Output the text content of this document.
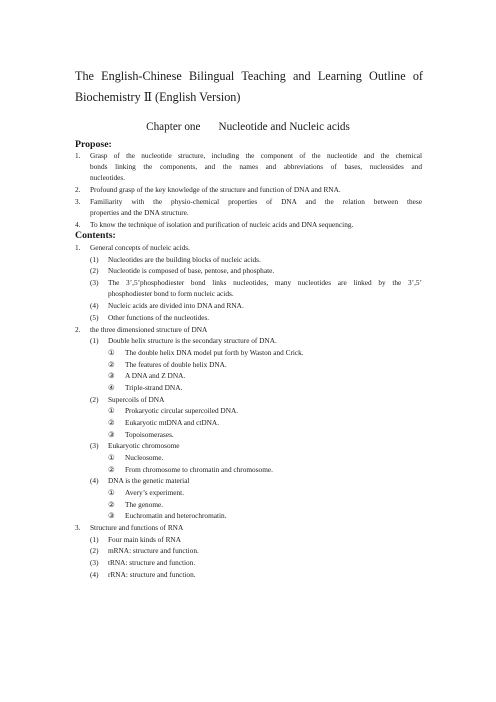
The English-Chinese Bilingual Teaching and Learning Outline of
Biochemistry Ⅱ (English Version)
Chapter one Nucleotide and Nucleic acids
Propose:
1. Grasp of the nucleotide structure, including the component of the nucleotide and the chemical
bonds linking the components, and the names and abbreviations of bases, nucleosides and
nucleotides.
2. Profound grasp of the key knowledge of the structure and function of DNA and RNA.
3. Familiarity with the physio-chemical properties of DNA and the relation between these
properties and the DNA structure.
4. To know the technique of isolation and purification of nucleic acids and DNA sequencing.
Contents:
1. General concepts of nucleic acids.
(1) Nucleotides are the building blocks of nucleic acids.
(2) Nucleotide is composed of base, pentose, and phosphate.
(3) The 3’,5’phosphodiester bond links nucleotides, many nucleotides are linked by the 3’,5’
phosphodiester bond to form nucleic acids.
(4) Nucleic acids are divided into DNA and RNA.
(5) Other functions of the nucleotides.
2. the three dimensioned structure of DNA
(1) Double helix structure is the secondary structure of DNA.
① The double helix DNA model put forth by Waston and Crick.
② The features of double helix DNA.
③ A DNA and Z DNA.
④ Triple-strand DNA.
(2) Supercoils of DNA
① Prokaryotic circular supercoiled DNA.
② Eukaryotic mtDNA and ctDNA.
③ Topoisomerases.
(3) Eukaryotic chromosome
① Nucleosome.
② From chromosome to chromatin and chromosome.
(4) DNA is the genetic material
① Avery’s experiment.
② The genome.
③ Euchromatin and heterochromatin.
3. Structure and functions of RNA
(1) Four main kinds of RNA
(2) mRNA: structure and function.
(3) tRNA: structure and function.
(4) rRNA: structure and function.
